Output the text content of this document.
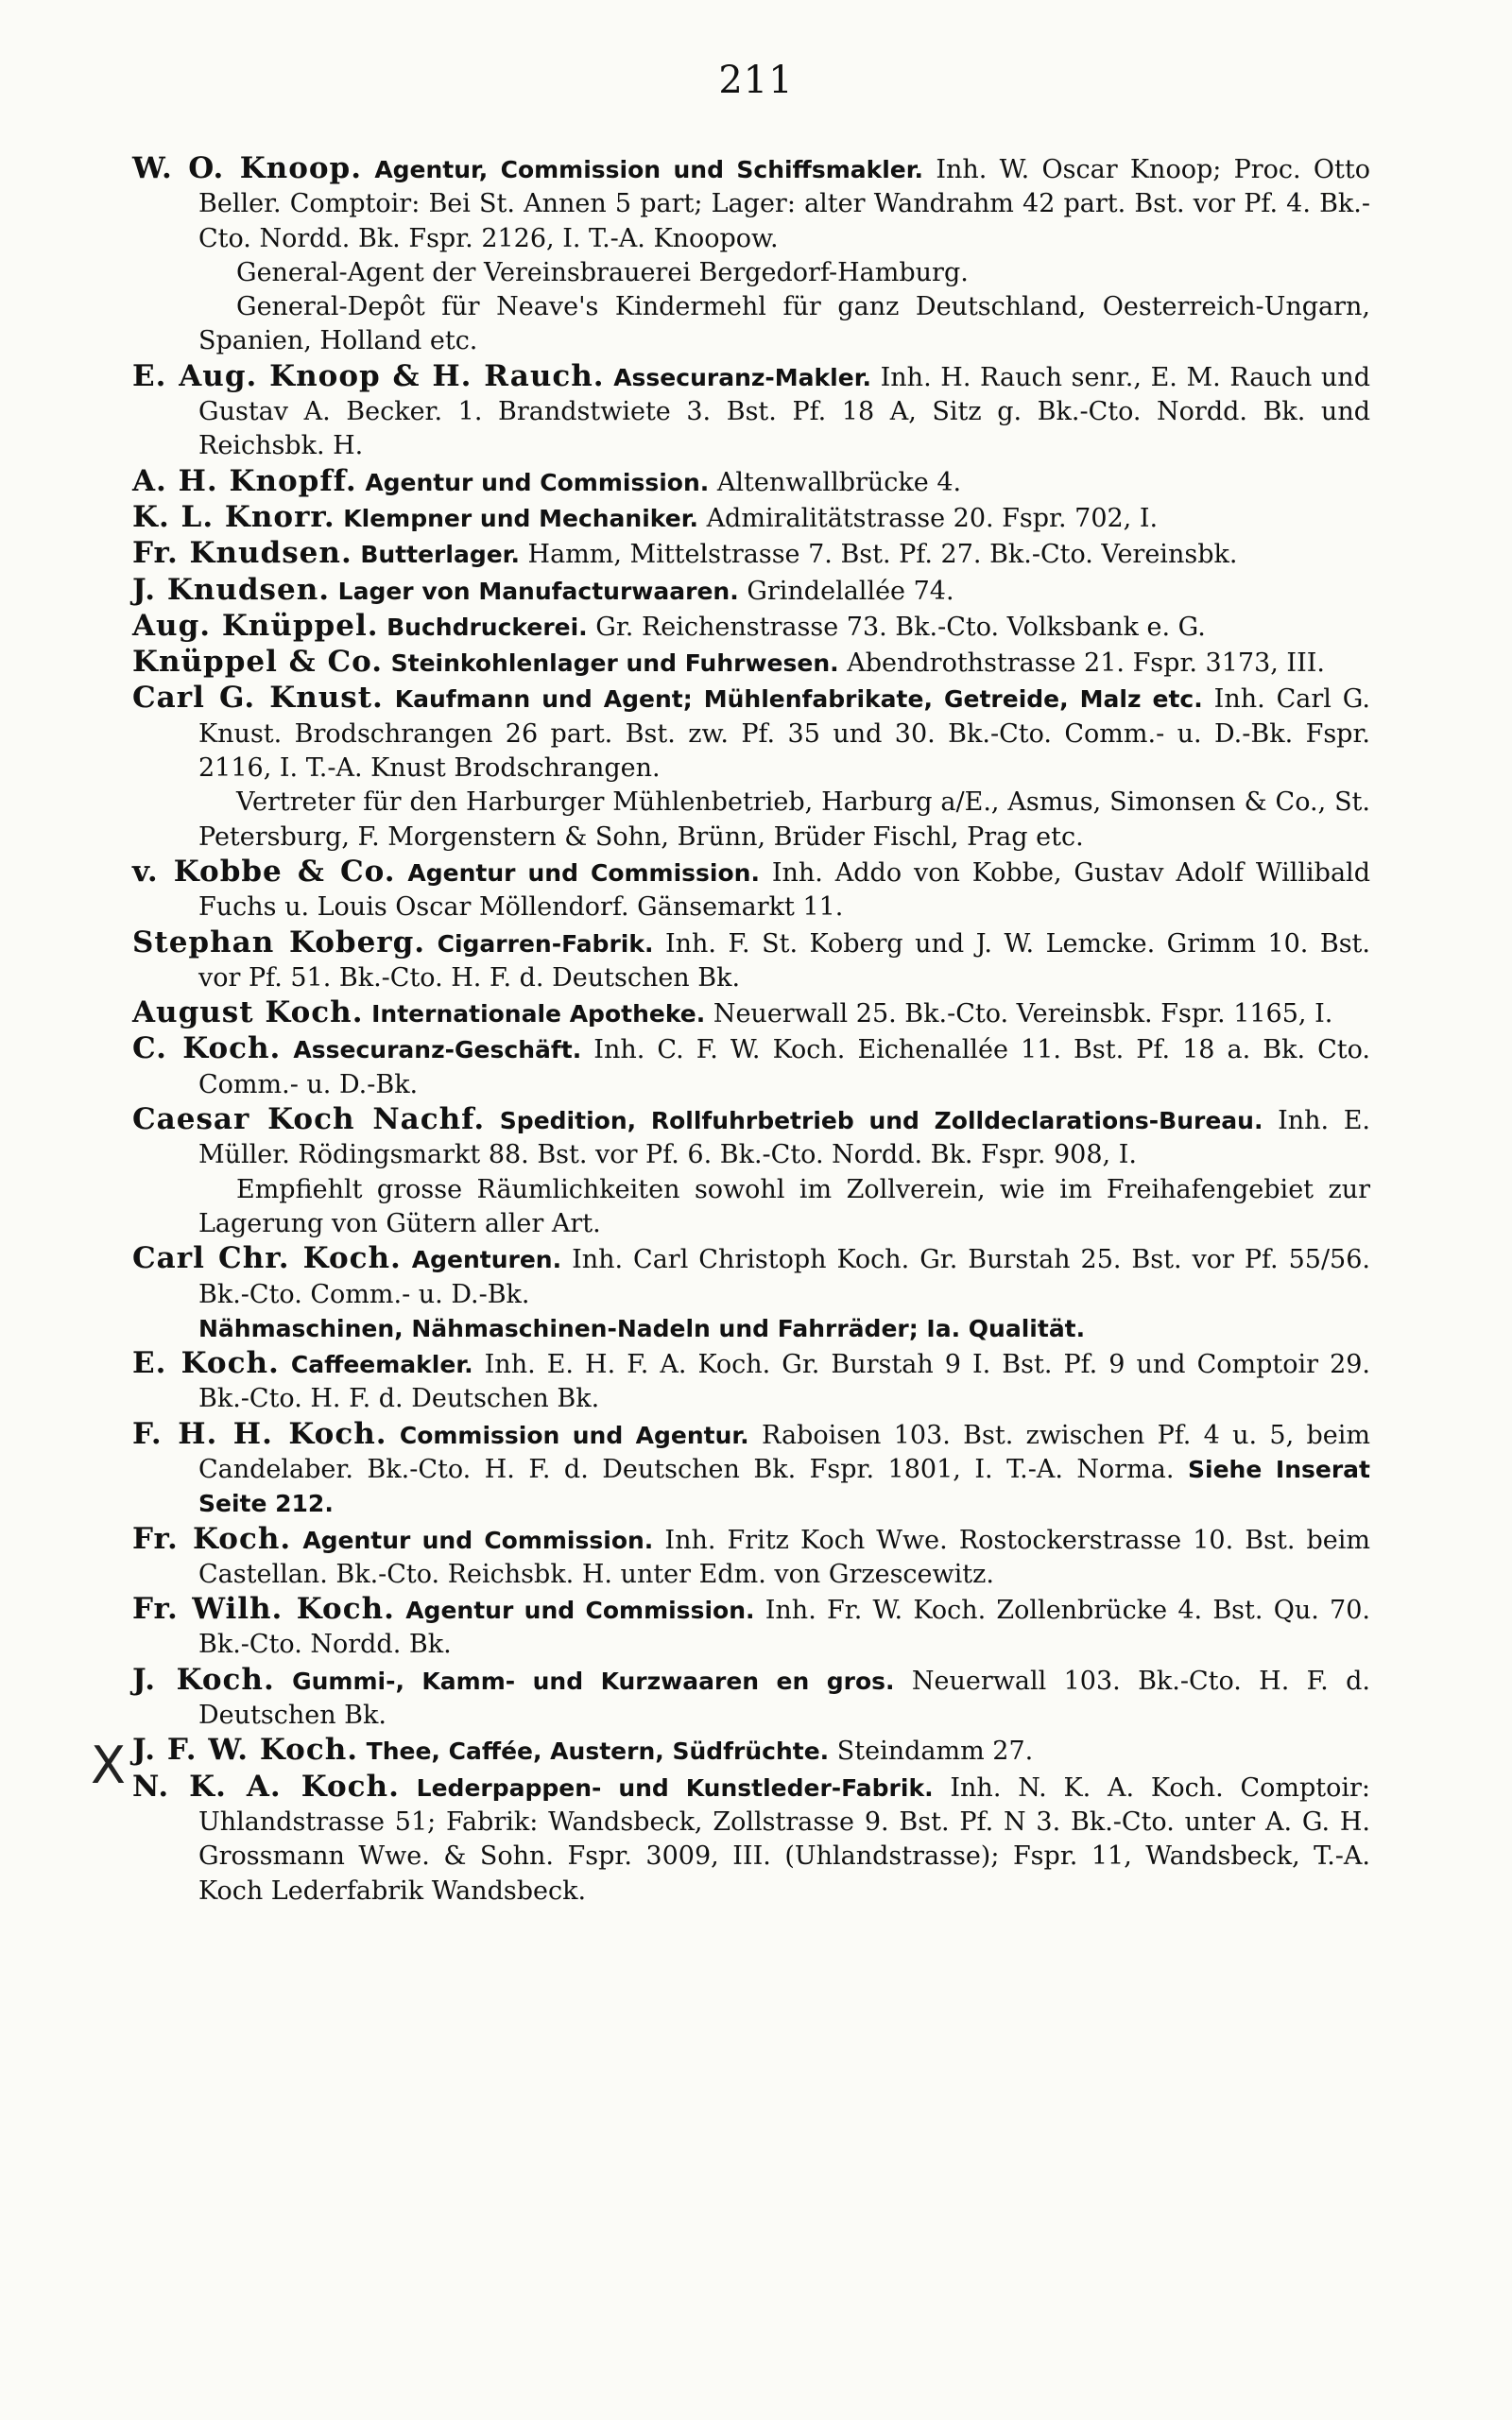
211
X

W. O. Knoop. Agentur, Commission und Schiffsmakler. Inh. W. Oscar Knoop; Proc. Otto Beller. Comptoir: Bei St. Annen 5 part; Lager: alter Wandrahm 42 part. Bst. vor Pf. 4. Bk.-Cto. Nordd. Bk. Fspr. 2126, I. T.-A. Knoopow.

General-Agent der Vereinsbrauerei Bergedorf-Hamburg.

General-Depôt für Neave's Kindermehl für ganz Deutschland, Oesterreich-Ungarn, Spanien, Holland etc.

E. Aug. Knoop & H. Rauch. Assecuranz-Makler. Inh. H. Rauch senr., E. M. Rauch und Gustav A. Becker. 1. Brandstwiete 3. Bst. Pf. 18 A, Sitz g. Bk.-Cto. Nordd. Bk. und Reichsbk. H.

A. H. Knopff. Agentur und Commission. Altenwallbrücke 4.

K. L. Knorr. Klempner und Mechaniker. Admiralitätstrasse 20. Fspr. 702, I.

Fr. Knudsen. Butterlager. Hamm, Mittelstrasse 7. Bst. Pf. 27. Bk.-Cto. Vereinsbk.

J. Knudsen. Lager von Manufacturwaaren. Grindelallée 74.

Aug. Knüppel. Buchdruckerei. Gr. Reichenstrasse 73. Bk.-Cto. Volksbank e. G.

Knüppel & Co. Steinkohlenlager und Fuhrwesen. Abendrothstrasse 21. Fspr. 3173, III.

Carl G. Knust. Kaufmann und Agent; Mühlenfabrikate, Getreide, Malz etc. Inh. Carl G. Knust. Brodschrangen 26 part. Bst. zw. Pf. 35 und 30. Bk.-Cto. Comm.- u. D.-Bk. Fspr. 2116, I. T.-A. Knust Brodschrangen.

Vertreter für den Harburger Mühlenbetrieb, Harburg a/E., Asmus, Simonsen & Co., St. Petersburg, F. Morgenstern & Sohn, Brünn, Brüder Fischl, Prag etc.

v. Kobbe & Co. Agentur und Commission. Inh. Addo von Kobbe, Gustav Adolf Willibald Fuchs u. Louis Oscar Möllendorf. Gänsemarkt 11.

Stephan Koberg. Cigarren-Fabrik. Inh. F. St. Koberg und J. W. Lemcke. Grimm 10. Bst. vor Pf. 51. Bk.-Cto. H. F. d. Deutschen Bk.

August Koch. Internationale Apotheke. Neuerwall 25. Bk.-Cto. Vereinsbk. Fspr. 1165, I.

C. Koch. Assecuranz-Geschäft. Inh. C. F. W. Koch. Eichenallée 11. Bst. Pf. 18 a. Bk. Cto. Comm.- u. D.-Bk.

Caesar Koch Nachf. Spedition, Rollfuhrbetrieb und Zolldeclarations-Bureau. Inh. E. Müller. Rödingsmarkt 88. Bst. vor Pf. 6. Bk.-Cto. Nordd. Bk. Fspr. 908, I.

Empfiehlt grosse Räumlichkeiten sowohl im Zollverein, wie im Freihafengebiet zur Lagerung von Gütern aller Art.

Carl Chr. Koch. Agenturen. Inh. Carl Christoph Koch. Gr. Burstah 25. Bst. vor Pf. 55/56. Bk.-Cto. Comm.- u. D.-Bk.

Nähmaschinen, Nähmaschinen-Nadeln und Fahrräder; Ia. Qualität.

E. Koch. Caffeemakler. Inh. E. H. F. A. Koch. Gr. Burstah 9 I. Bst. Pf. 9 und Comptoir 29. Bk.-Cto. H. F. d. Deutschen Bk.

F. H. H. Koch. Commission und Agentur. Raboisen 103. Bst. zwischen Pf. 4 u. 5, beim Candelaber. Bk.-Cto. H. F. d. Deutschen Bk. Fspr. 1801, I. T.-A. Norma. Siehe Inserat Seite 212.

Fr. Koch. Agentur und Commission. Inh. Fritz Koch Wwe. Rostockerstrasse 10. Bst. beim Castellan. Bk.-Cto. Reichsbk. H. unter Edm. von Grzescewitz.

Fr. Wilh. Koch. Agentur und Commission. Inh. Fr. W. Koch. Zollenbrücke 4. Bst. Qu. 70. Bk.-Cto. Nordd. Bk.

J. Koch. Gummi-, Kamm- und Kurzwaaren en gros. Neuerwall 103. Bk.-Cto. H. F. d. Deutschen Bk.

J. F. W. Koch. Thee, Caffée, Austern, Südfrüchte. Steindamm 27.

N. K. A. Koch. Lederpappen- und Kunstleder-Fabrik. Inh. N. K. A. Koch. Comptoir: Uhlandstrasse 51; Fabrik: Wandsbeck, Zollstrasse 9. Bst. Pf. N 3. Bk.-Cto. unter A. G. H. Grossmann Wwe. & Sohn. Fspr. 3009, III. (Uhlandstrasse); Fspr. 11, Wandsbeck, T.-A. Koch Lederfabrik Wandsbeck.
